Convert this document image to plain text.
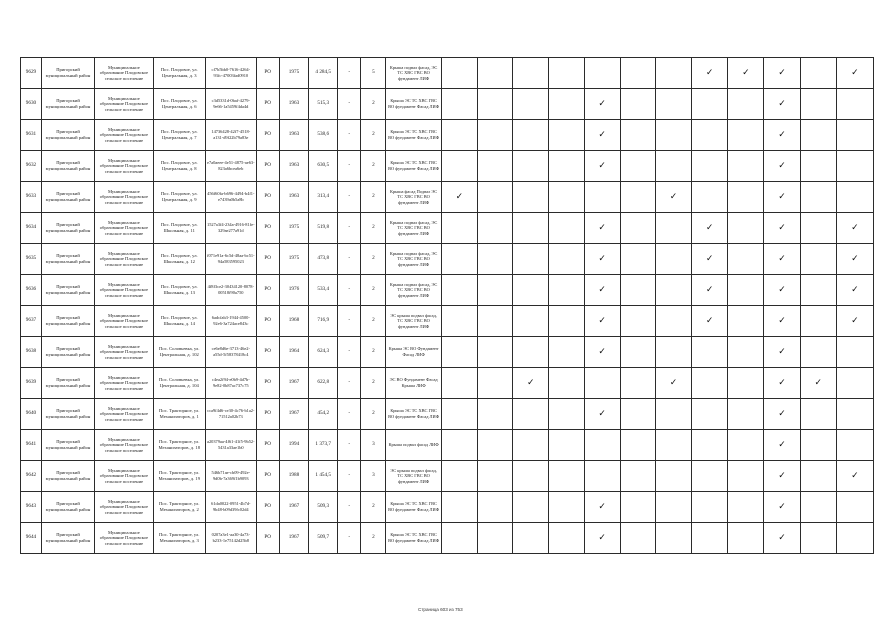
9629	Пригорский муниципальный район	Муниципальное образование Плодовское сельское поселение	Пос. Плодовое, ул. Центральная, д. 3	cf7b5bb0-7616-4264-93fc-47003fad0910	РО	1975	4 284,5	-	5	Крыша подвал фасад, ЭС ТС ХВС ГВС ВО фундамент ЛИФ								✓	✓	✓		✓
9630	Пригорский муниципальный район	Муниципальное образование Плодовское сельское поселение	Пос. Плодовое, ул. Центральная, д. 6	c3d5331d-0baf-4279-9e66-1a5459f4da4d	РО	1963	515,3	-	2	Крыша ЭС ТС ХВС ГВС ВО фундамент Фасад ЛИФ					✓					✓		
9631	Пригорский муниципальный район	Муниципальное образование Плодовское сельское поселение	Пос. Плодовое, ул. Центральная, д. 7	14736428-42f7-4518-a131-d9f22b79a83e	РО	1963	538,6	-	2	Крыша ЭС ТС ХВС ГВС ВО фундамент Фасад ЛИФ					✓					✓		
9632	Пригорский муниципальный район	Муниципальное образование Плодовское сельское поселение	Пос. Плодовое, ул. Центральная, д. 8	e7a0aeee-4e51-4875-ae63-823a6bcea6eb	РО	1963	630,5	-	2	Крыша ЭС ТС ХВС ГВС ВО фундамент Фасад ЛИФ					✓					✓		
9633	Пригорский муниципальный район	Муниципальное образование Плодовское сельское поселение	Пос. Плодовое, ул. Центральная, д. 9	456f60fa-b696-4494-b4f1-e7439a0b5a8b	РО	1963	313,4	-	2	Крыша фасад Подвал ЭС ТС ХВС ГВС ВО фундамент ЛИФ	✓						✓			✓		
9634	Пригорский муниципальный район	Муниципальное образование Плодовское сельское поселение	Пос. Плодовое, ул. Школьная, д. 11	1527a3f4-234a-4916-81fe-329ae277a91d	РО	1975	519,8	-	2	Крыша подвал фасад, ЭС ТС ХВС ГВС ВО фундамент ЛИФ					✓			✓		✓		✓
9635	Пригорский муниципальный район	Муниципальное образование Плодовское сельское поселение	Пос. Плодовое, ул. Школьная, д. 12	f071e91a-6c5d-48aa-bc51-94a583595023	РО	1975	473,8	-	2	Крыша подвал фасад, ЭС ТС ХВС ГВС ВО фундамент ЛИФ					✓			✓		✓		✓
9636	Пригорский муниципальный район	Муниципальное образование Плодовское сельское поселение	Пос. Плодовое, ул. Школьная, д. 13	4f8f3ce2-30434120-8078-00518f90a750	РО	1976	533,4	-	2	Крыша подвал фасад, ЭС ТС ХВС ГВС ВО фундамент ЛИФ					✓			✓		✓		✓
9637	Пригорский муниципальный район	Муниципальное образование Плодовское сельское поселение	Пос. Плодовое, ул. Школьная, д. 14	6adcfab3-1944-4500-92e6-3a724ace843c	РО	1968	716,9	-	2	ЭС крыша подвал фасад, ТС ХВС ГВС ВО фундамент ЛИФ					✓			✓		✓		✓
9638	Пригорский муниципальный район	Муниципальное образование Плодовское сельское поселение	Пос. Соловьевка, ул. Центральная, д. 102	ce6e8d6e-3713-46e2-a55d-5f58378418c4	РО	1964	624,3	-	2	Крыша ЭС ВО Фундамент Фасад ЛИФ					✓					✓		
9639	Пригорский муниципальный район	Муниципальное образование Плодовское сельское поселение	Пос. Соловьевка, ул. Центральная, д. 104	c4ea2f94-e0b9-4d7b-9e82-0b87ac737c75	РО	1967	622,8	-	2	ЭС ВО Фундамент Фасад Крыша ЛИФ			✓				✓			✓	✓	
9640	Пригорский муниципальный район	Муниципальное образование Плодовское сельское поселение	Пос. Тракторное, ул. Механизаторов, д. 1	cca9f4d6-ce30-4c76-b1a2-71512a02b73	РО	1967	454,2	-	2	Крыша ЭС ТС ХВС ГВС ВО фундамент Фасад ЛИФ					✓					✓		
9641	Пригорский муниципальный район	Муниципальное образование Плодовское сельское поселение	Пос. Тракторное, ул. Механизаторов, д. 18	a20379aa-4f61-41f5-9b52-5431a33ae1b0	РО	1994	1 373,7	-	3	Крыша подвал фасад ЛИФ										✓		
9642	Пригорский муниципальный район	Муниципальное образование Плодовское сельское поселение	Пос. Тракторное, ул. Механизаторов, д. 19	546b71ae-cb09-492e-9d0b-7a369f1b9093	РО	1988	1 454,5	-	3	ЭС крыша подвал фасад, ТС ХВС ГВС ВО фундамент ЛИФ										✓		✓
9643	Пригорский муниципальный район	Муниципальное образование Плодовское сельское поселение	Пос. Тракторное, ул. Механизаторов, д. 2	61da0022-0951-4b7d-9b48-b09d39fc02d4	РО	1967	509,3	-	2	Крыша ЭС ТС ХВС ГВС ВО фундамент Фасад ЛИФ					✓					✓		
9644	Пригорский муниципальный район	Муниципальное образование Плодовское сельское поселение	Пос. Тракторное, ул. Механизаторов, д. 3	0207a3e1-aa30-4a73-b233-1e75142d25b8	РО	1967	509,7	-	2	Крыша ЭС ТС ХВС ГВС ВО фундамент Фасад ЛИФ					✓					✓		
Страница 603 из 753
